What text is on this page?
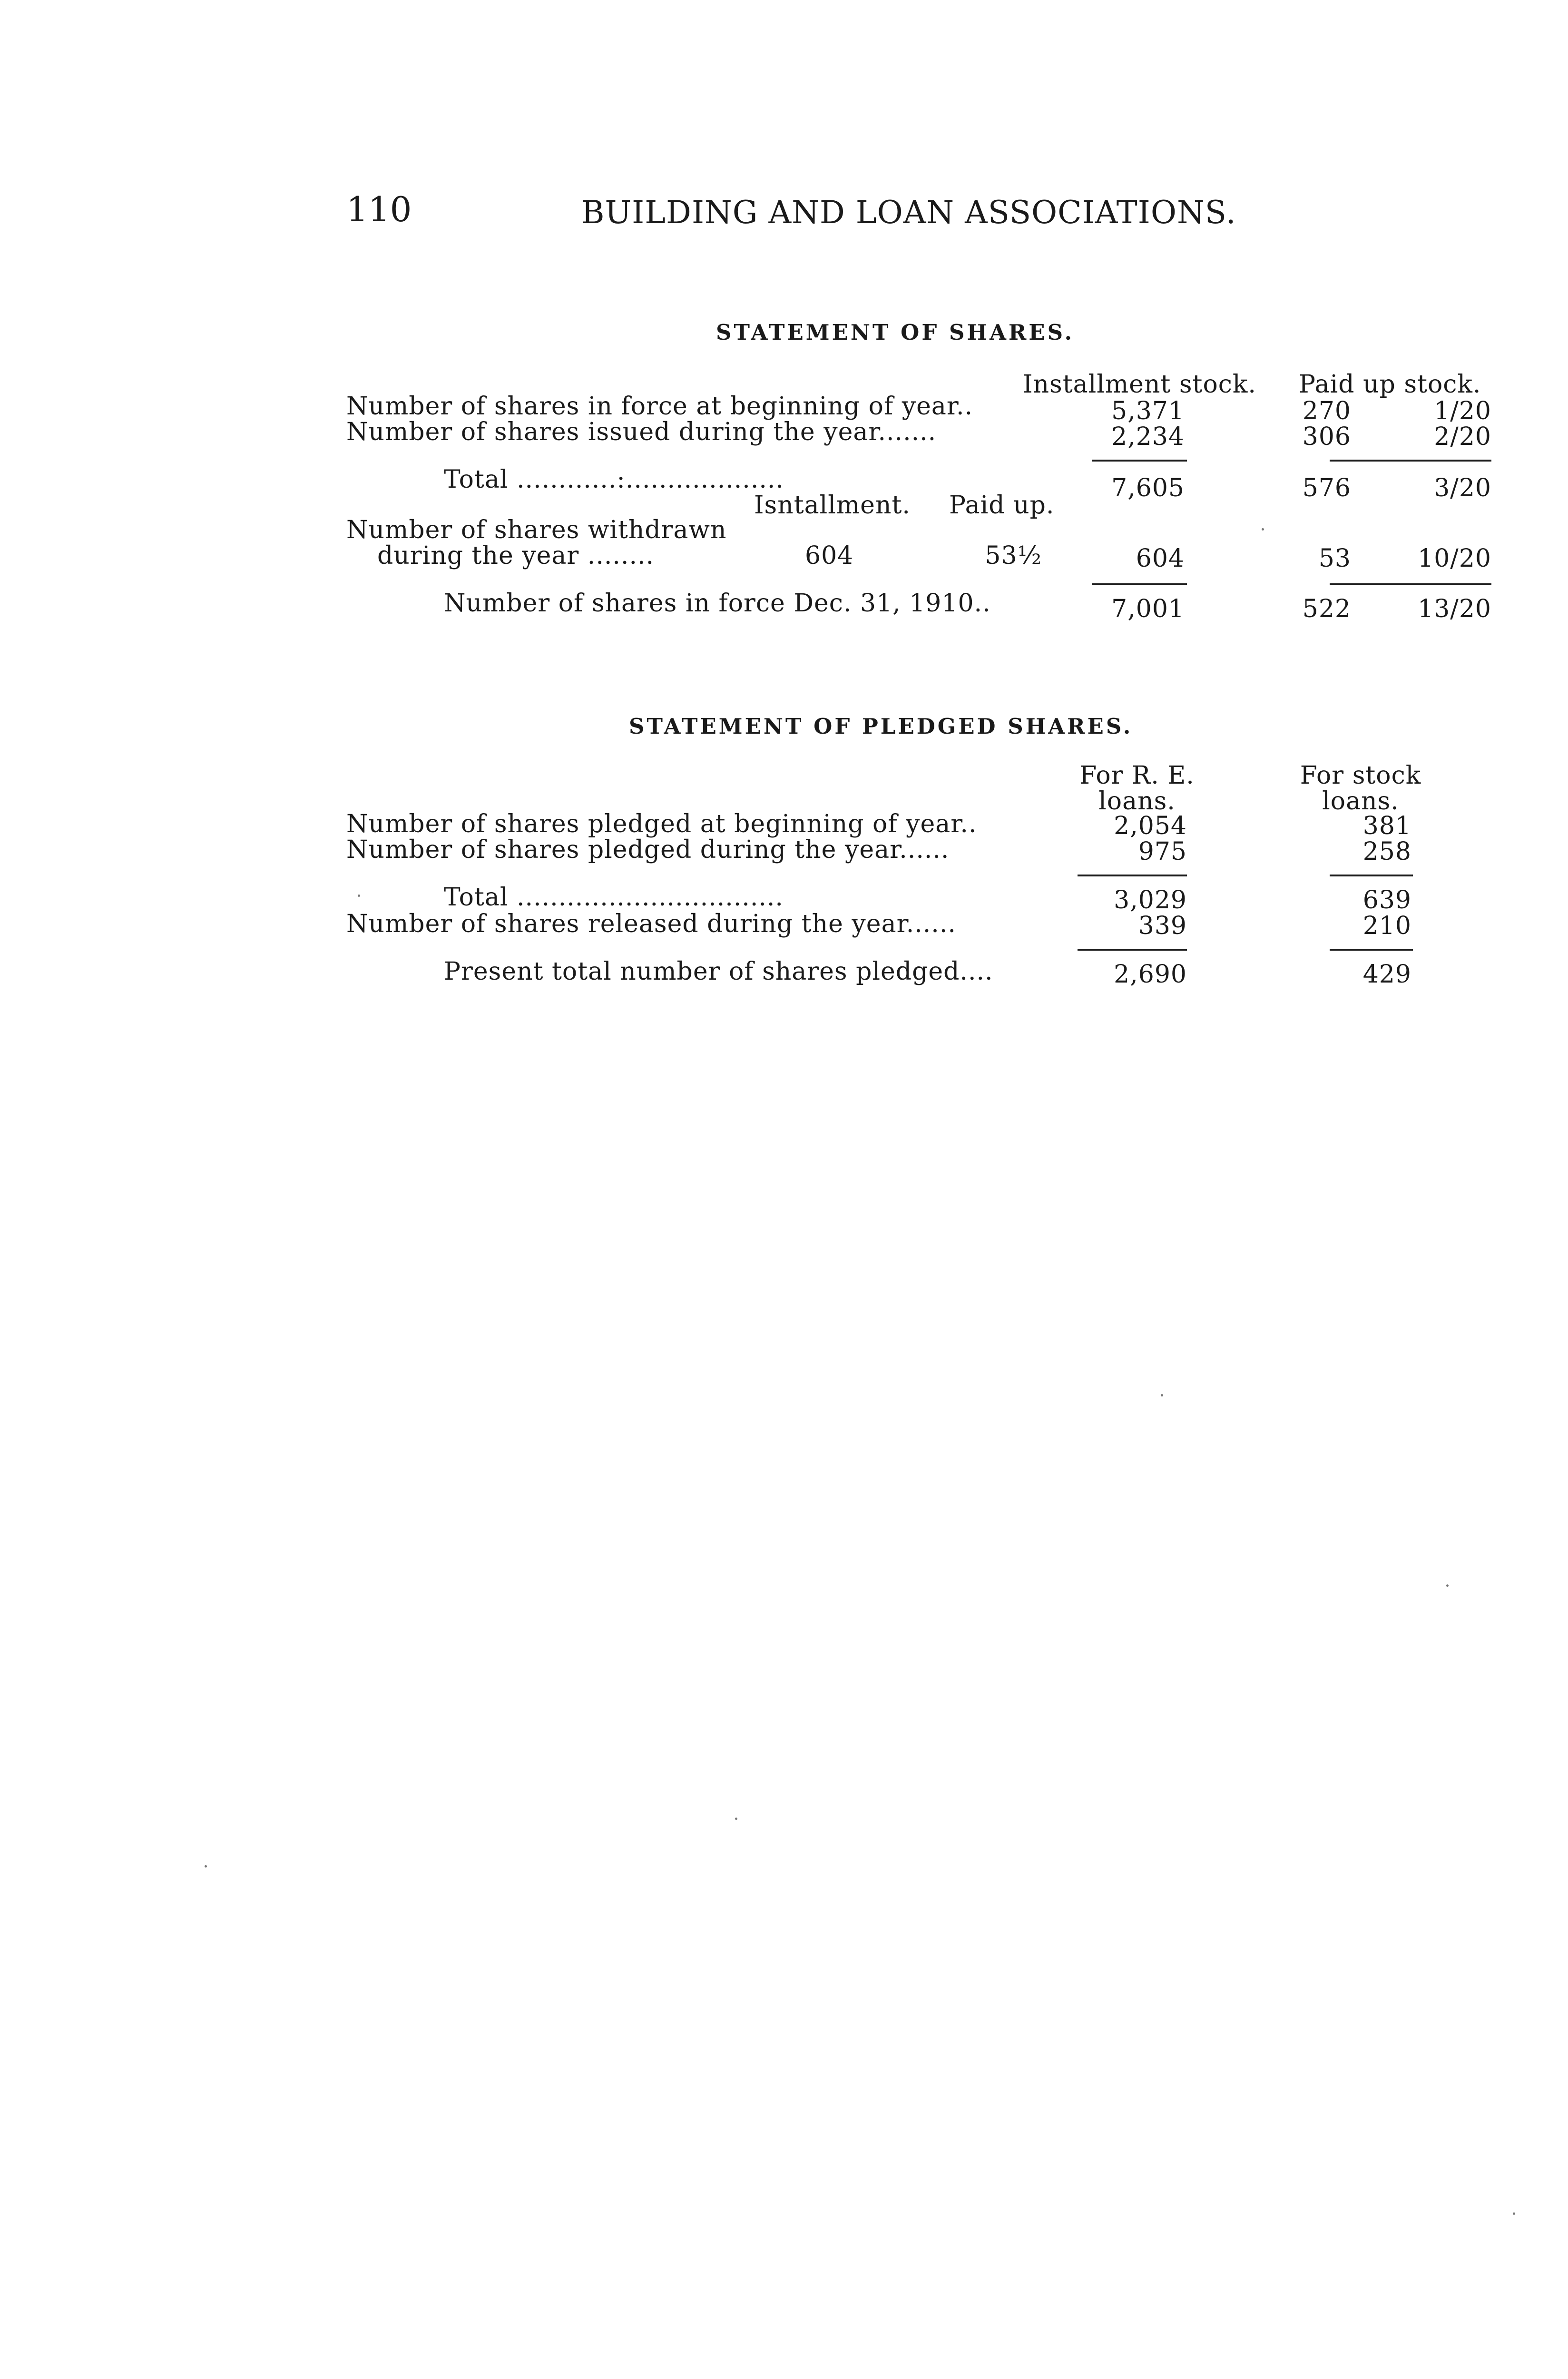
110	BUILDING AND LOAN ASSOCIATIONS.
STATEMENT OF SHARES.
Installment stock. Paid up stock.
Number of shares in force at beginning of year..	5,371	270	1/20
Number of shares issued during the year.......	2,234	306	2/20
Total ............:...................	7,605	576	3/20
Isntallment. Paid up.
Number of shares withdrawn
during the year ........	604	53½	604	53	10/20
Number of shares in force Dec. 31, 1910..	7,001	522	13/20
STATEMENT OF PLEDGED SHARES.
For R. E.
loans.
For stock
loans.
Number of shares pledged at beginning of year..	2,054	381
Number of shares pledged during the year......	975	258
Total ................................	3,029	639
Number of shares released during the year......	339	210
Present total number of shares pledged....	2,690	429
